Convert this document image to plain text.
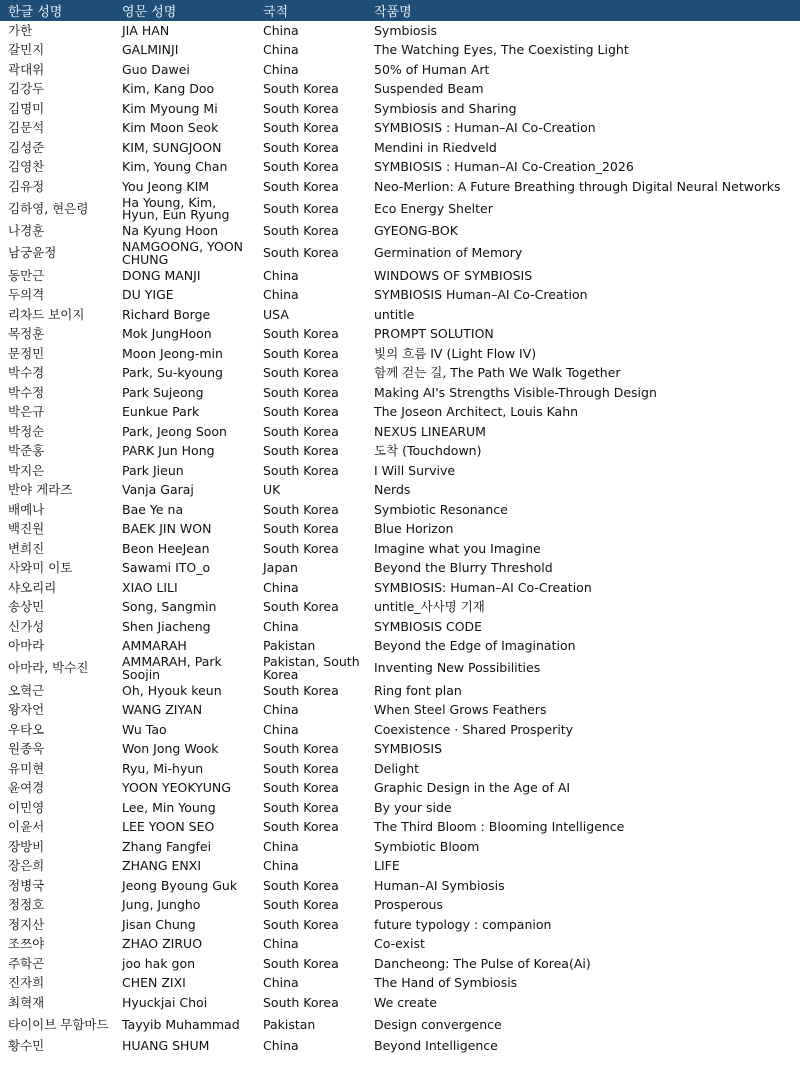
한글 성명	영문 성명	국적	작품명
가한	JIA HAN	China	Symbiosis
갈민지	GALMINJI	China	The Watching Eyes, The Coexisting Light
곽대위	Guo Dawei	China	50% of Human Art
김강두	Kim, Kang Doo	South Korea	Suspended Beam
김명미	Kim Myoung Mi	South Korea	Symbiosis and Sharing
김문석	Kim Moon Seok	South Korea	SYMBIOSIS : Human–AI Co-Creation
김성준	KIM, SUNGJOON	South Korea	Mendini in Riedveld
김영찬	Kim, Young Chan	South Korea	SYMBIOSIS : Human–AI Co-Creation_2026
김유정	You Jeong KIM	South Korea	Neo-Merlion: A Future Breathing through Digital Neural Networks
김하영, 현은령	Ha Young, Kim, Hyun, Eun Ryung	South Korea	Eco Energy Shelter
나경훈	Na Kyung Hoon	South Korea	GYEONG-BOK
남궁윤정	NAMGOONG, YOON CHUNG	South Korea	Germination of Memory
동만근	DONG MANJI	China	WINDOWS OF SYMBIOSIS
두의격	DU YIGE	China	SYMBIOSIS Human–AI Co-Creation
리차드 보이지	Richard Borge	USA	untitle
목정훈	Mok JungHoon	South Korea	PROMPT SOLUTION
문정민	Moon Jeong-min	South Korea	빛의 흐름 IV (Light Flow IV)
박수경	Park, Su-kyoung	South Korea	함께 걷는 길, The Path We Walk Together
박수정	Park Sujeong	South Korea	Making AI's Strengths Visible-Through Design
박은규	Eunkue Park	South Korea	The Joseon Architect, Louis Kahn
박정순	Park, Jeong Soon	South Korea	NEXUS LINEARUM
박준홍	PARK Jun Hong	South Korea	도착 (Touchdown)
박지은	Park Jieun	South Korea	I Will Survive
반야 게라즈	Vanja Garaj	UK	Nerds
배예나	Bae Ye na	South Korea	Symbiotic Resonance
백진원	BAEK JIN WON	South Korea	Blue Horizon
변희진	Beon HeeJean	South Korea	Imagine what you Imagine
사와미 이토	Sawami ITO_o	Japan	Beyond the Blurry Threshold
샤오리리	XIAO LILI	China	SYMBIOSIS: Human–AI Co-Creation
송상민	Song, Sangmin	South Korea	untitle_사사명 기재
신가성	Shen Jiacheng	China	SYMBIOSIS CODE
아마라	AMMARAH	Pakistan	Beyond the Edge of Imagination
아마라, 박수진	AMMARAH, Park Soojin	Pakistan, South Korea	Inventing New Possibilities
오혁근	Oh, Hyouk keun	South Korea	Ring font plan
왕자언	WANG ZIYAN	China	When Steel Grows Feathers
우타오	Wu Tao	China	Coexistence · Shared Prosperity
원종욱	Won Jong Wook	South Korea	SYMBIOSIS
유미현	Ryu, Mi-hyun	South Korea	Delight
윤여경	YOON YEOKYUNG	South Korea	Graphic Design in the Age of AI
이민영	Lee, Min Young	South Korea	By your side
이윤서	LEE YOON SEO	South Korea	The Third Bloom : Blooming Intelligence
장방비	Zhang Fangfei	China	Symbiotic Bloom
장은희	ZHANG ENXI	China	LIFE
정병국	Jeong Byoung Guk	South Korea	Human–AI Symbiosis
정정호	Jung, Jungho	South Korea	Prosperous
정지산	Jisan Chung	South Korea	future typology : companion
조쯔야	ZHAO ZIRUO	China	Co-exist
주학곤	joo hak gon	South Korea	Dancheong: The Pulse of Korea(Ai)
진자희	CHEN ZIXI	China	The Hand of Symbiosis
최혁재	Hyuckjai Choi	South Korea	We create
타이이브 무함마드	Tayyib Muhammad	Pakistan	Design convergence
황수민	HUANG SHUM	China	Beyond Intelligence
